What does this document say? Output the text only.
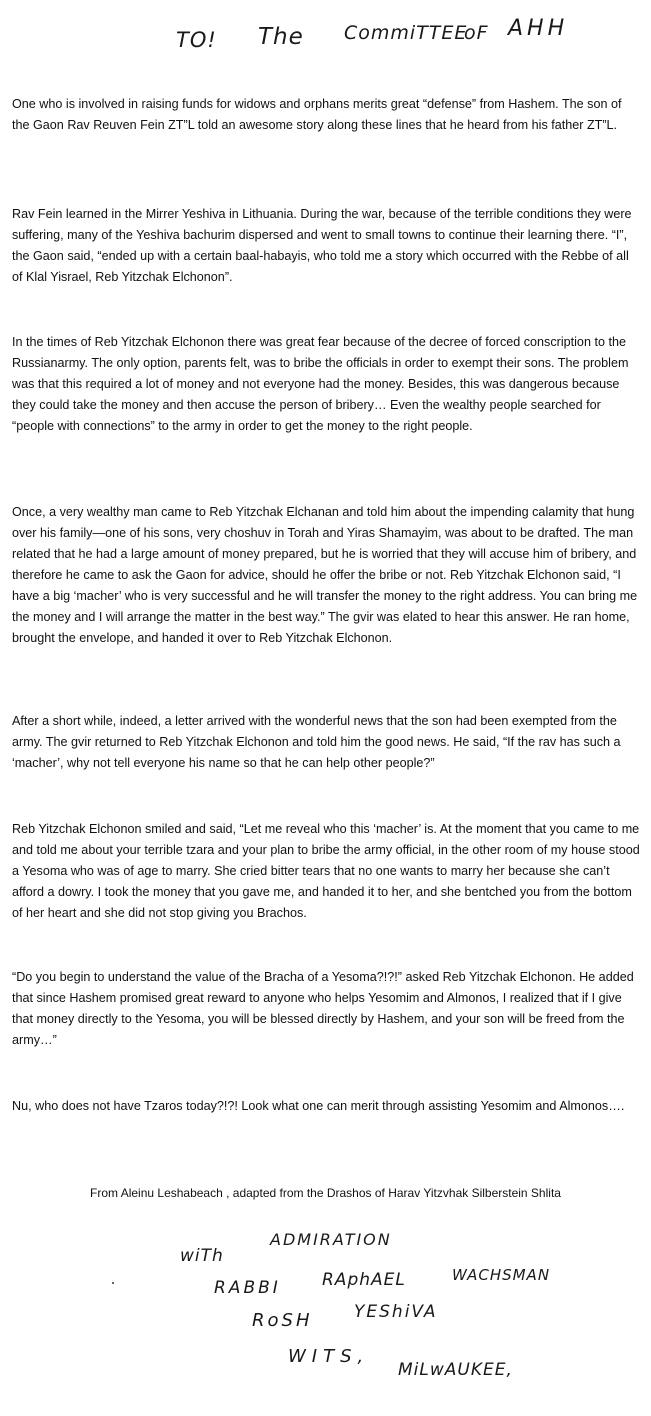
TO! The CommiTTEE
oF AHH

One who is involved in raising funds for widows and orphans merits great “defense” from Hashem. The son of the Gaon Rav Reuven Fein ZT”L told an awesome story along these lines that he heard from his father ZT”L.

Rav Fein learned in the Mirrer Yeshiva in Lithuania. During the war, because of the terrible conditions they were suffering, many of the Yeshiva bachurim dispersed and went to small towns to continue their learning there. “I”, the Gaon said, “ended up with a certain baal-habayis, who told me a story which occurred with the Rebbe of all of Klal Yisrael, Reb Yitzchak Elchonon”.

In the times of Reb Yitzchak Elchonon there was great fear because of the decree of forced conscription to the Russianarmy. The only option, parents felt, was to bribe the officials in order to exempt their sons. The problem was that this required a lot of money and not everyone had the money. Besides, this was dangerous because they could take the money and then accuse the person of bribery… Even the wealthy people searched for “people with connections” to the army in order to get the money to the right people.

Once, a very wealthy man came to Reb Yitzchak Elchanan and told him about the impending calamity that hung over his family—one of his sons, very choshuv in Torah and Yiras Shamayim, was about to be drafted. The man related that he had a large amount of money prepared, but he is worried that they will accuse him of bribery, and therefore he came to ask the Gaon for advice, should he offer the bribe or not. Reb Yitzchak Elchonon said, “I have a big ‘macher’ who is very successful and he will transfer the money to the right address. You can bring me the money and I will arrange the matter in the best way.” The gvir was elated to hear this answer. He ran home, brought the envelope, and handed it over to Reb Yitzchak Elchonon.

After a short while, indeed, a letter arrived with the wonderful news that the son had been exempted from the army. The gvir returned to Reb Yitzchak Elchonon and told him the good news. He said, “If the rav has such a ‘macher’, why not tell everyone his name so that he can help other people?”

Reb Yitzchak Elchonon smiled and said, “Let me reveal who this ‘macher’ is. At the moment that you came to me and told me about your terrible tzara and your plan to bribe the army official, in the other room of my house stood a Yesoma who was of age to marry. She cried bitter tears that no one wants to marry her because she can’t afford a dowry. I took the money that you gave me, and handed it to her, and she bentched you from the bottom of her heart and she did not stop giving you Brachos.

“Do you begin to understand the value of the Bracha of a Yesoma?!?!” asked Reb Yitzchak Elchonon. He added that since Hashem promised great reward to anyone who helps Yesomim and Almonos, I realized that if I give that money directly to the Yesoma, you will be blessed directly by Hashem, and your son will be freed from the army…”

Nu, who does not have Tzaros today?!?! Look what one can merit through assisting Yesomim and Almonos….

From Aleinu Leshabeach , adapted from the Drashos of Harav Yitzvhak Silberstein Shlita
wiTh
ADMIRATION
RABBI RAphAEL	WACHSMAN
RoSH YEShiVA
WITS,
MiLwAUKEE,
